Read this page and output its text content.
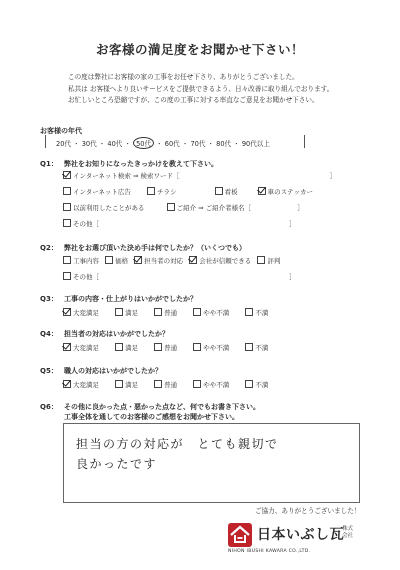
お客様の満足度をお聞かせ下さい！
この度は弊社にお客様の家の工事をお任せ下さり、ありがとうございました。
私共は お客様へより良いサービスをご提供できるよう、日々改善に取り組んでおります。
お忙しいところ恐縮ですが、この度の工事に対する率直なご意見をお聞かせ下さい。
お客様の年代
20代 ・ 30代 ・ 40代 ・ 50代 ・ 60代 ・ 70代 ・ 80代 ・ 90代以上
Q1： 弊社をお知りになったきっかけを教えて下さい。
インターネット検索 ⇒ 検索ワード［	］
インターネット広告	チラシ	看板	車のステッカー
以前利用したことがある	ご紹介 ⇒ ご紹介者様名［	］
その他［	］
Q2： 弊社をお選び頂いた決め手は何でしたか？（いくつでも）
工事内容 価格 担当者の対応 会社が信頼できる 評判
その他［	］
Q3： 工事の内容・仕上がりはいかがでしたか？
大変満足	満足	普通	やや不満	不満
Q4： 担当者の対応はいかがでしたか？
大変満足	満足	普通	やや不満	不満
Q5： 職人の対応はいかがでしたか？
大変満足	満足	普通	やや不満	不満
Q6： その他に良かった点・悪かった点など、何でもお書き下さい。
工事全体を通してのお客様のご感想をお聞かせ下さい。
担当の方の対応が　とても親切で
良かったです
ご協力、ありがとうございました！
日本いぶし瓦
株式
会社
NIHON IBUSHI KAWARA CO.,LTD.
